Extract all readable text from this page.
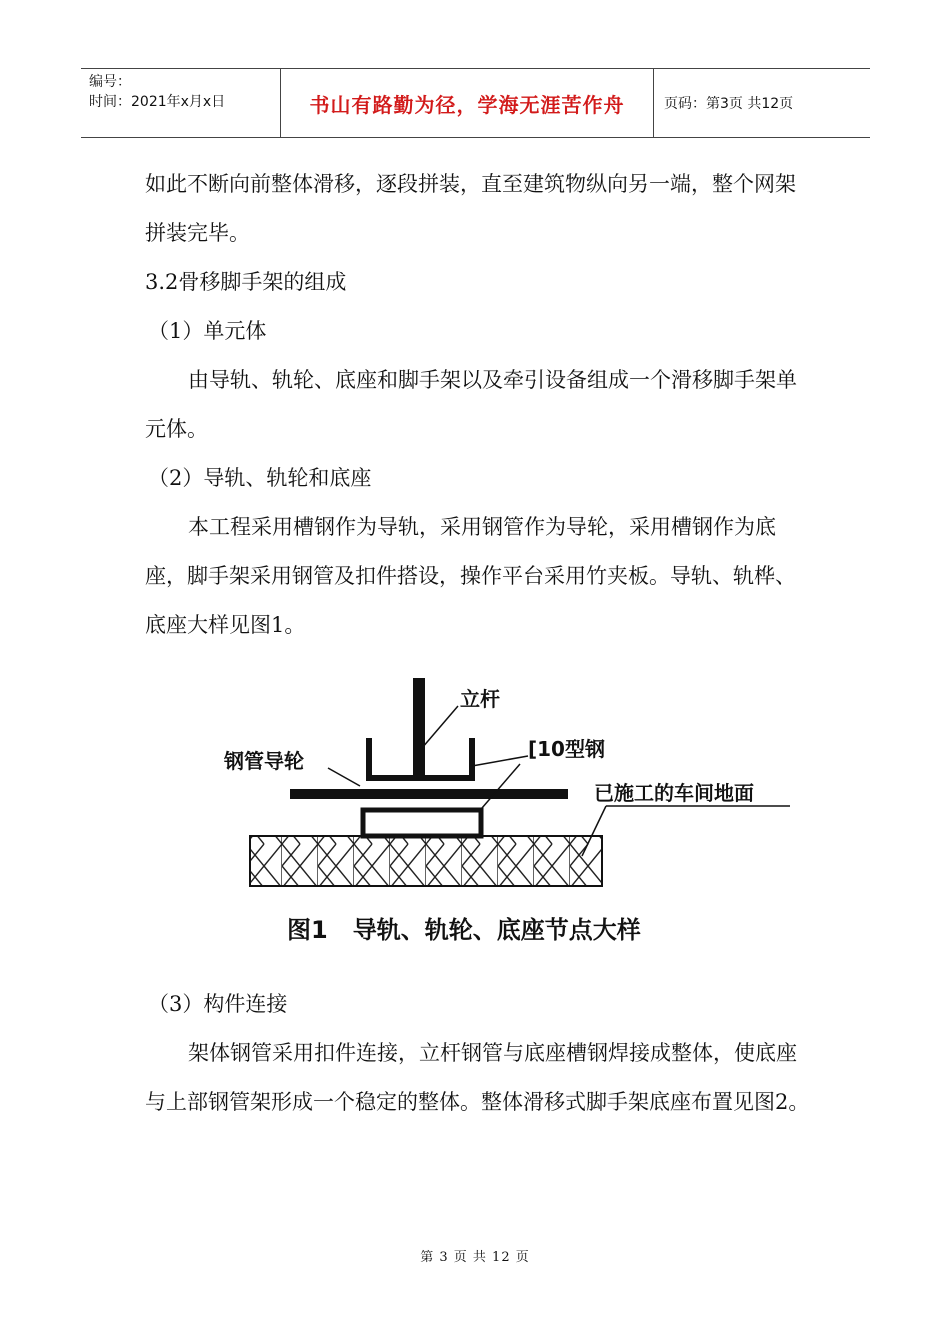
编号：
时间：2021年x月x日	书山有路勤为径，学海无涯苦作舟	页码：第3页 共12页

如此不断向前整体滑移，逐段拼装，直至建筑物纵向另一端，整个网架拼装完毕。

3.2骨移脚手架的组成

（1）单元体

由导轨、轨轮、底座和脚手架以及牵引设备组成一个滑移脚手架单元体。

（2）导轨、轨轮和底座

本工程采用槽钢作为导轨，采用钢管作为导轮，采用槽钢作为底座，脚手架采用钢管及扣件搭设，操作平台采用竹夹板。导轨、轨桦、底座大样见图1。

立杆
钢管导轮	[10型钢
已施工的车间地面
图1   导轨、轨轮、底座节点大样

（3）构件连接

架体钢管采用扣件连接，立杆钢管与底座槽钢焊接成整体，使底座与上部钢管架形成一个稳定的整体。整体滑移式脚手架底座布置见图2。

第 3 页 共 12 页
